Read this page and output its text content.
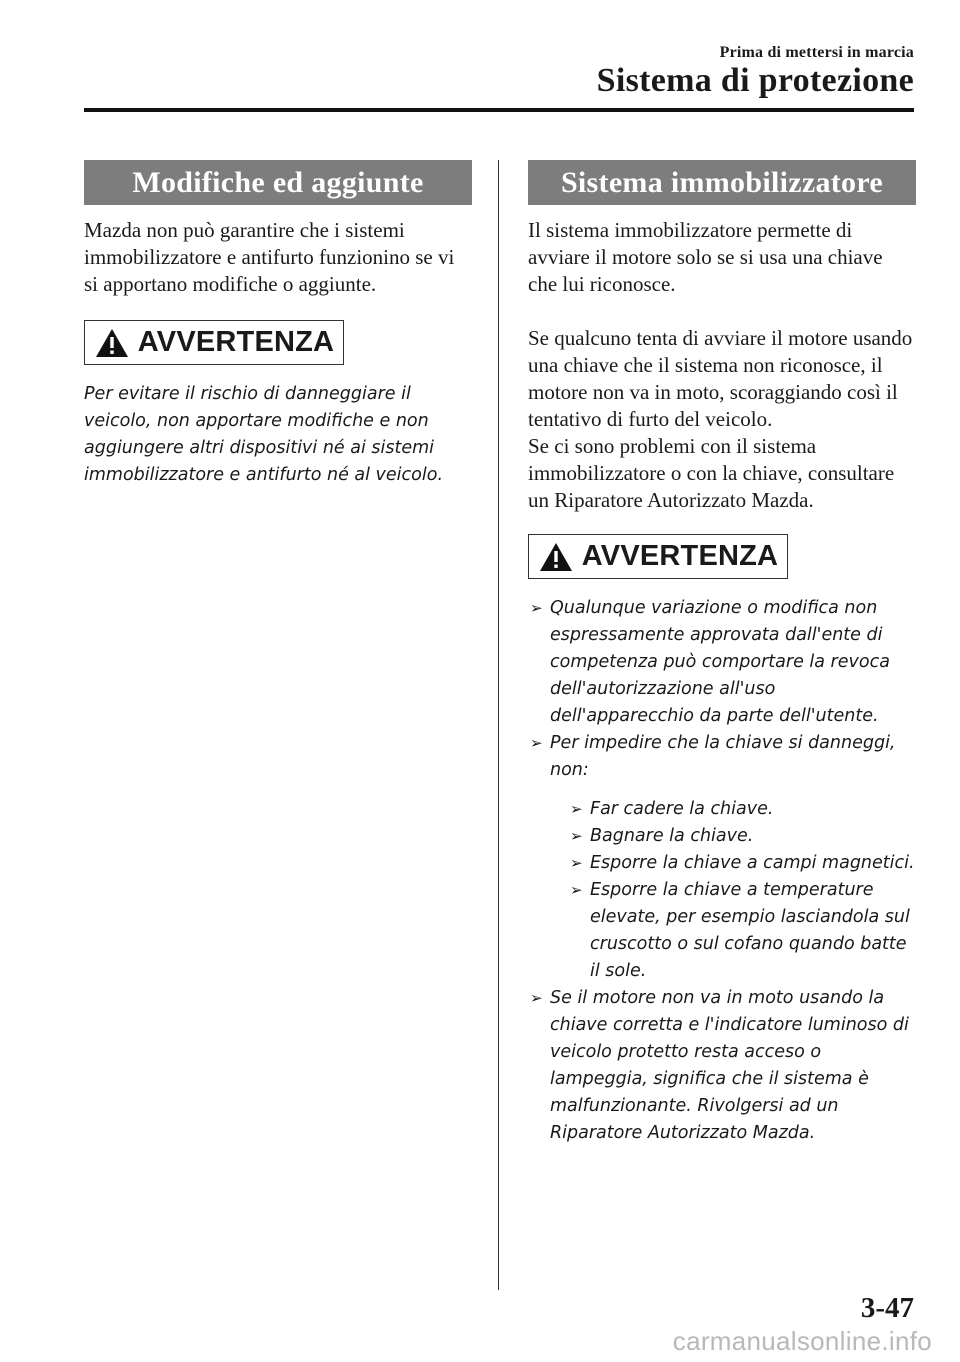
Prima di mettersi in marcia
Sistema di protezione
Modifiche ed aggiunte

Mazda non può garantire che i sistemi immobilizzatore e antifurto funzionino se vi si apportano modifiche o aggiunte.

AVVERTENZA
Per evitare il rischio di danneggiare il veicolo, non apportare modifiche e non aggiungere altri dispositivi né ai sistemi immobilizzatore e antifurto né al veicolo.
Sistema immobilizzatore

Il sistema immobilizzatore permette di avviare il motore solo se si usa una chiave che lui riconosce.

Se qualcuno tenta di avviare il motore usando una chiave che il sistema non riconosce, il motore non va in moto, scoraggiando così il tentativo di furto del veicolo.

Se ci sono problemi con il sistema immobilizzatore o con la chiave, consultare un Riparatore Autorizzato Mazda.

AVVERTENZA
➢ Qualunque variazione o modifica non espressamente approvata dall'ente di competenza può comportare la revoca dell'autorizzazione all'uso dell'apparecchio da parte dell'utente.
➢ Per impedire che la chiave si danneggi, non:
➢ Far cadere la chiave.
➢ Bagnare la chiave.
➢ Esporre la chiave a campi magnetici.
➢ Esporre la chiave a temperature elevate, per esempio lasciandola sul cruscotto o sul cofano quando batte il sole.
➢ Se il motore non va in moto usando la chiave corretta e l'indicatore luminoso di veicolo protetto resta acceso o lampeggia, significa che il sistema è malfunzionante. Rivolgersi ad un Riparatore Autorizzato Mazda.
3-47
carmanualsonline.info
